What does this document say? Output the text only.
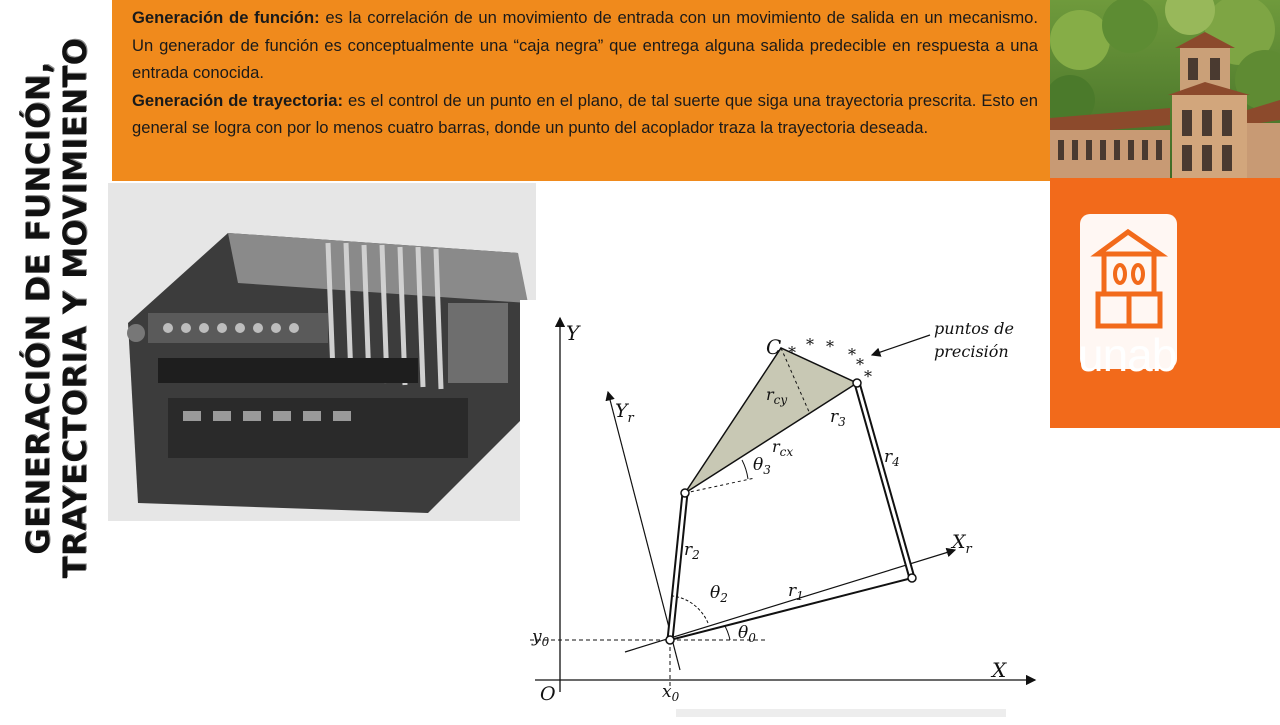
GENERACIÓN DE FUNCIÓN, TRAYECTORIA Y MOVIMIENTO

Generación de función: es la correlación de un movimiento de entrada con un movimiento de salida en un mecanismo. Un generador de función es conceptualmente una “caja negra” que entrega alguna salida predecible en respuesta a una entrada conocida.

Generación de trayectoria: es el control de un punto en el plano, de tal suerte que siga una trayectoria prescrita. Esto en general se logra con por lo menos cuatro barras, donde un punto del acoplador traza la trayectoria deseada.

unab
* * * *
*
*
Y
X
O	$x_0$
$y_0$
$Y_r$
$X_r$
C
$r_1$
$r_2$
$r_3$
$r_4$
$r_{cx}$
$r_{cy}$
$\theta_0$
$\theta_2$
$\theta_3$
puntos de
precisión
